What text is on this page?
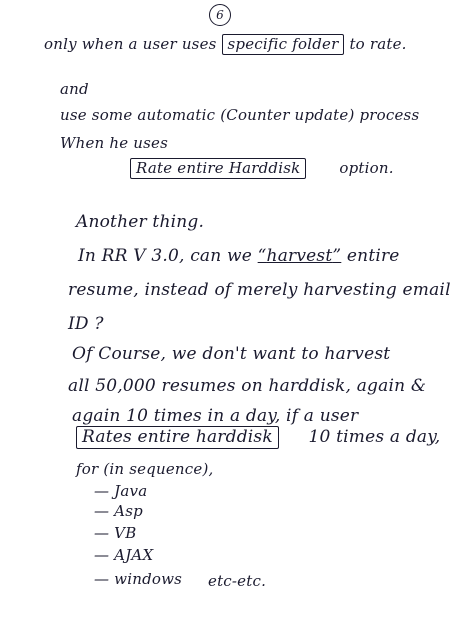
6
only when a user uses specific folder to rate.
and
use some automatic (Counter update) process
When he uses
Rate entire Harddisk	option.
Another thing.
In RR V 3.0, can we “ harvest ” entire
resume, instead of merely harvesting email
ID ?
Of Course, we don't want to harvest
all 50,000 resumes on harddisk, again &
again 10 times in a day, if a user
Rates entire harddisk 10 times a day,
for (in sequence),
— Java
— Asp
— VB
— AJAX
— windows etc-etc.
